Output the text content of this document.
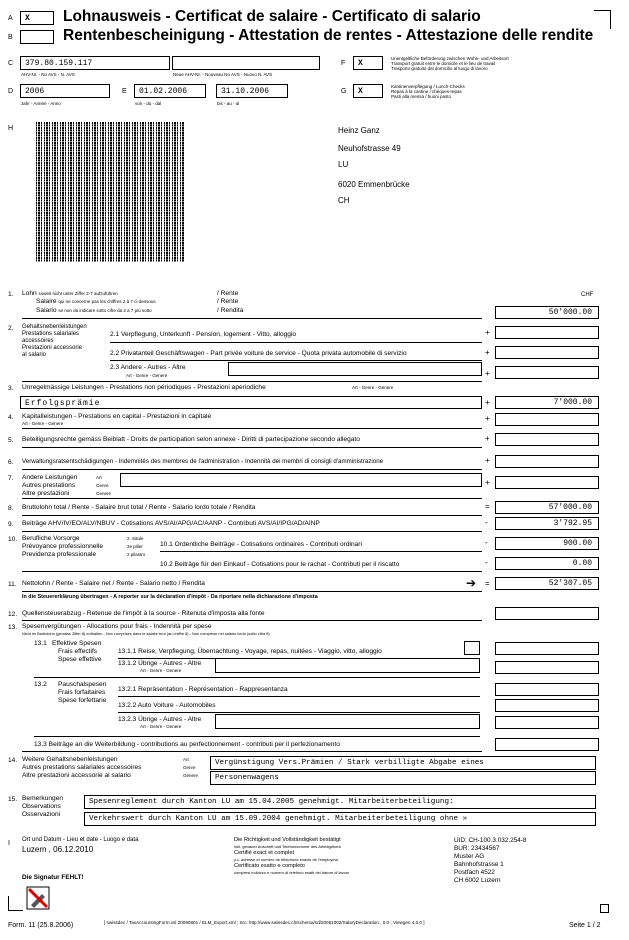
A	X	Lohnausweis - Certificat de salaire - Certificato di salario
B	Rentenbescheinigung - Attestation de rentes - Attestazione delle rendite
C	379.80.159.117
AHV-Nr. - No AVS - N. AVS	Neue AHV-Nr. - Nouveau No AVS - Nuovo N. AVS
F	X
Unentgeltliche Beförderung zwischen Wohn- und Arbeitsort
Transport gratuit entre le domicile et le lieu de travail
Trasporto gratuito dal domicilio al luogo di lavoro
D	2006
Jahr - Année - Anno
E	01.02.2006	31.10.2006
von - du - dal	bis - au - al
G	X
Kantinenverpflegung / Lunch-Checks
Repas à la cantine / chèques-repas
Pasti alla mensa / buoni pasto
H	Heinz Ganz
Neuhofstrasse 49
LU
6020 Emmenbrücke
CH
CHF
1. Lohn soweit nicht unter Ziffer 2-7 aufzuführen	/ Rente
Salaire qui ne concerne pas les chiffres 2 à 7 ci-dessous	/ Rente
Salario se non da indicare sotto cifre da 2 a 7 più sotto	/ Rendita	50'000.00
2. Gehaltsnebenleistungen
Prestations salariales
accessoires
Prestazioni accessorie
al salario
2.1 Verpflegung, Unterkunft - Pension, logement - Vitto, alloggio	+
2.2 Privatanteil Geschäftswagen - Part privée voiture de service - Quota privata automobile di servizio	+
2.3 Andere - Autres - Altre
Art - Genre - Genere	+
3. Unregelmässige Leistungen - Prestations non périodiques - Prestazioni aperiodiche	Art - Genre - Genere
Erfolgsprämie	+	7'000.00
4. Kapitalleistungen - Prestations en capital - Prestazioni in capitale
Art - Genre - Genere
+
5. Beteiligungsrechte gemäss Beiblatt - Droits de participation selon annexe - Diritti di partecipazione secondo allegato	+
6. Verwaltungsratsentschädigungen - Indemnités des membres de l'administration - Indennità dei membri di consigli d'amministrazione	+
7. Andere Leistungen
Autres prestations
Altre prestazioni
Art
Genre
Genere
+
8. Bruttolohn total / Rente - Salaire brut total / Rente - Salario lordo totale / Rendita	=	57'000.00
9. Beiträge AHV/IV/EO/ALV/NBUV - Cotisations AVS/AI/APG/AC/AANP - Contributi AVS/AI/IPG/AD/AINP	-	3'792.95
10. Berufliche Vorsorge
Prévoyance professionnelle
Previdenza professionale
2. Säule
2e pilier
2 pilastro
10.1 Ordentliche Beiträge - Cotisations ordinaires - Contributi ordinari	-	900.00
10.2 Beiträge für den Einkauf - Cotisations pour le rachat - Contributi per il riscatto	-	0.00
11. Nettolohn / Rente - Salaire net / Rente - Salario netto / Rendita	➔ =	52'307.05
In die Steuererklärung übertragen - A reporter sur la déclaration d'impôt - Da riportare nella dichiarazione d'imposta
12. Quellensteuerabzug - Retenue de l'impôt à la source - Ritenuta d'imposta alla fonte
13. Spesenvergütungen - Allocations pour frais - Indennità per spese
Nicht im Bruttolohn (gemäss Ziffer 8) enthalten - Non comprises dans le salaire brut (au chiffre 8) - Non comprese nel salario lordo (sotto cifra 8)
13.1 Effektive Spesen
Frais effectifs
Spese effettive
13.1.1 Reise, Verpflegung, Übernachtung - Voyage, repas, nuitées - Viaggio, vitto, alloggio
13.1.2 Übrige - Autres - Altre
Art - Genre - Genere
13.2 Pauschalspesen
Frais forfaitaires
Spese forfettarie
13.2.1 Repräsentation - Représentation - Rappresentanza
13.2.2 Auto Voiture - Automobiles
13.2.3 Übrige - Autres - Altre
Art - Genre - Genere
13.3 Beiträge an die Weiterbildung - contributions au perfectionnement - contributi per il perfezionamento
14. Weitere Gehaltsnebenleistungen
Autres prestations salariales accessoires
Altre prestazioni accessorie al salario
Art
Genre
Genere
Vergünstigung Vers.Prämien / Stark verbilligte Abgabe eines
Personenwagens
15. Bemerkungen
Observations
Osservazioni
Spesenreglement durch Kanton LU am 15.04.2005 genehmigt. Mitarbeiterbeteiligung:
Verkehrswert durch Kanton LU am 15.09.2004 genehmigt. Mitarbeiterbeteiligung ohne »
I Ort und Datum - Lieu et date - Luogo e data
Luzern , 06.12.2010
Die Richtigkeit und Vollständigkeit bestätigt
inkl. genauer Anschrift und Telefonnummer des Arbeitgebers
Certifié exact et complet
y.c. adresse et numéro de téléphone exacts de l'employeur
Certificato esatto e completo
compresi indirizzo e numero di telefono esatti del datore di lavoro
UID: CH-100.3.032.254-8
BUR: 23434567
Muster AG
Bahnhofstrasse 1
Postfach 4522
CH 6002 Luzern
Die Signatur FEHLT!
Form. 11 (25.8.2006)	[ swissdec / TaxAccountingForm.xsl 20090801 / ELM_Export.xml ; Src: http://www.swissdec.ch/schema/sd/20051002/SalaryDeclaration , 0.0 ; Viewgen 4.0.0 ]	Seite 1 / 2
